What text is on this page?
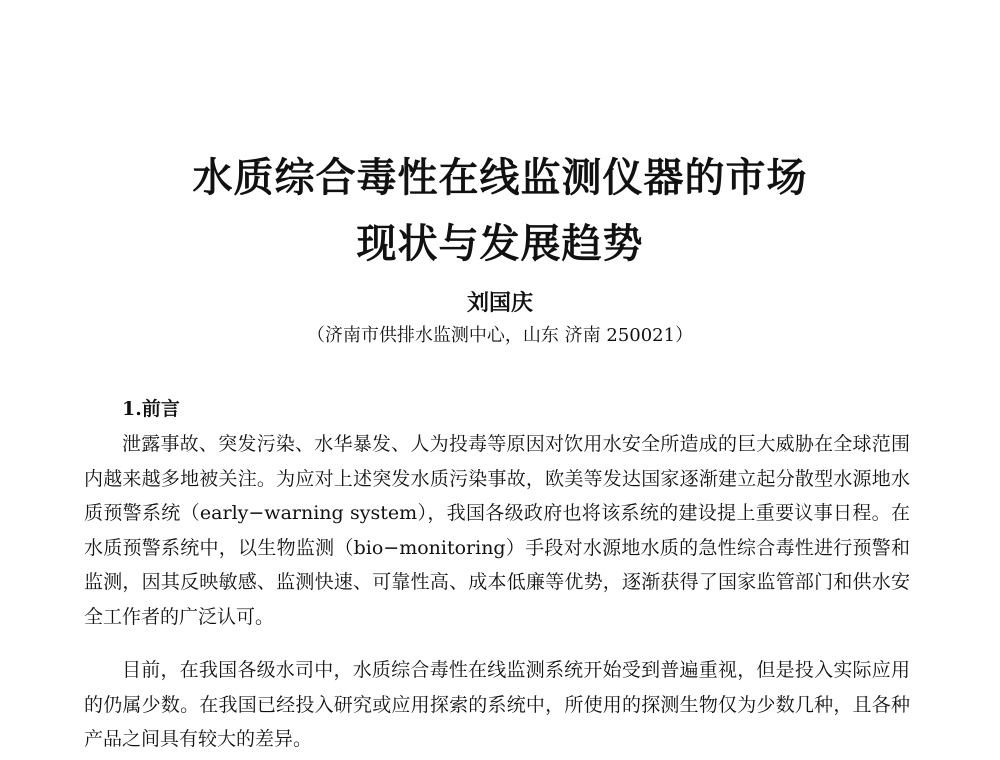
水质综合毒性在线监测仪器的市场
现状与发展趋势
刘国庆
（济南市供排水监测中心，山东 济南 250021）
1.前言

泄露事故、突发污染、水华暴发、人为投毒等原因对饮用水安全所造成的巨大威胁在全球范围内越来越多地被关注。为应对上述突发水质污染事故，欧美等发达国家逐渐建立起分散型水源地水质预警系统（early−warning system），我国各级政府也将该系统的建设提上重要议事日程。在水质预警系统中，以生物监测（bio−monitoring）手段对水源地水质的急性综合毒性进行预警和监测，因其反映敏感、监测快速、可靠性高、成本低廉等优势，逐渐获得了国家监管部门和供水安全工作者的广泛认可。

目前，在我国各级水司中，水质综合毒性在线监测系统开始受到普遍重视，但是投入实际应用的仍属少数。在我国已经投入研究或应用探索的系统中，所使用的探测生物仅为少数几种，且各种产品之间具有较大的差异。
